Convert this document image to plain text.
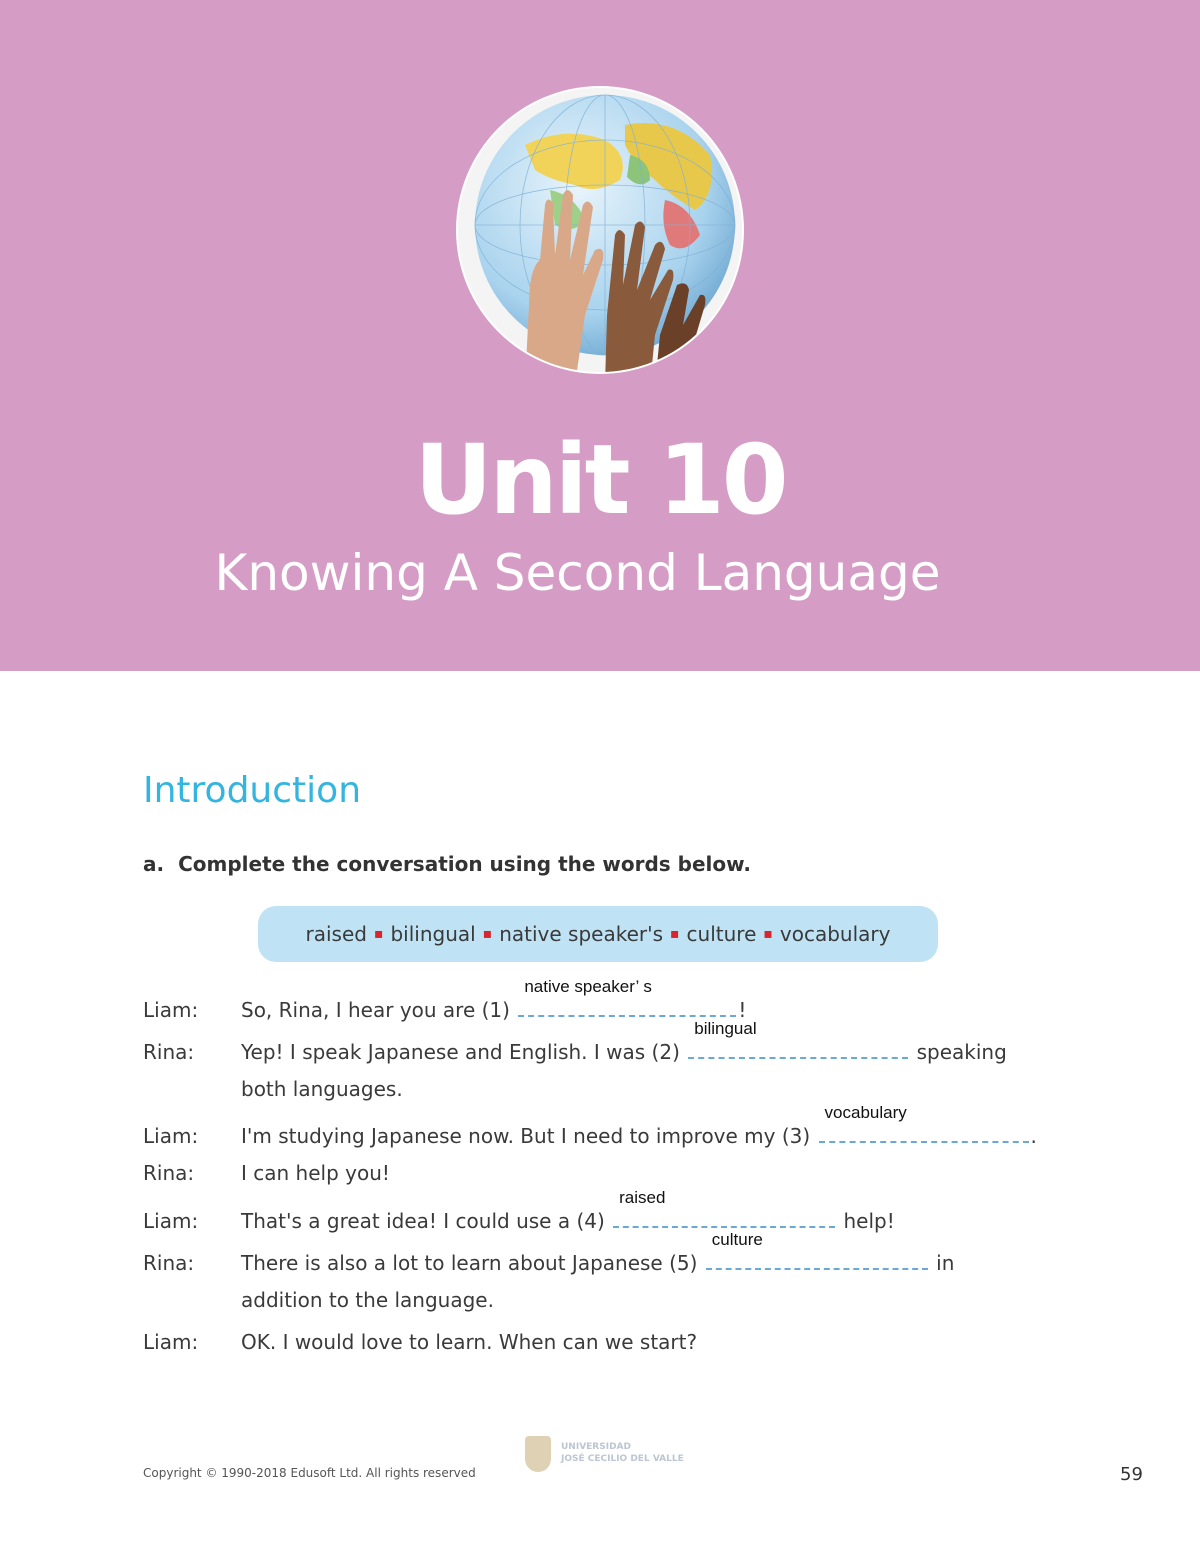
Unit 10
Knowing A Second Language
Introduction
a. Complete the conversation using the words below.
raised ▪ bilingual ▪ native speaker's ▪ culture ▪ vocabulary
Liam: So, Rina, I hear you are (1)
native speaker’ s
!
Rina: Yep! I speak Japanese and English. I was (2)
bilingual
speaking
both languages.
Liam: I'm studying Japanese now. But I need to improve my (3)
vocabulary
.
Rina: I can help you!
Liam: That's a great idea! I could use a (4)
raised
help!
Rina: There is also a lot to learn about Japanese (5)
culture
in
addition to the language.
Liam: OK. I would love to learn. When can we start?
Copyright © 1990-2018 Edusoft Ltd. All rights reserved
UNIVERSIDAD
JOSÉ CECILIO DEL VALLE
59
